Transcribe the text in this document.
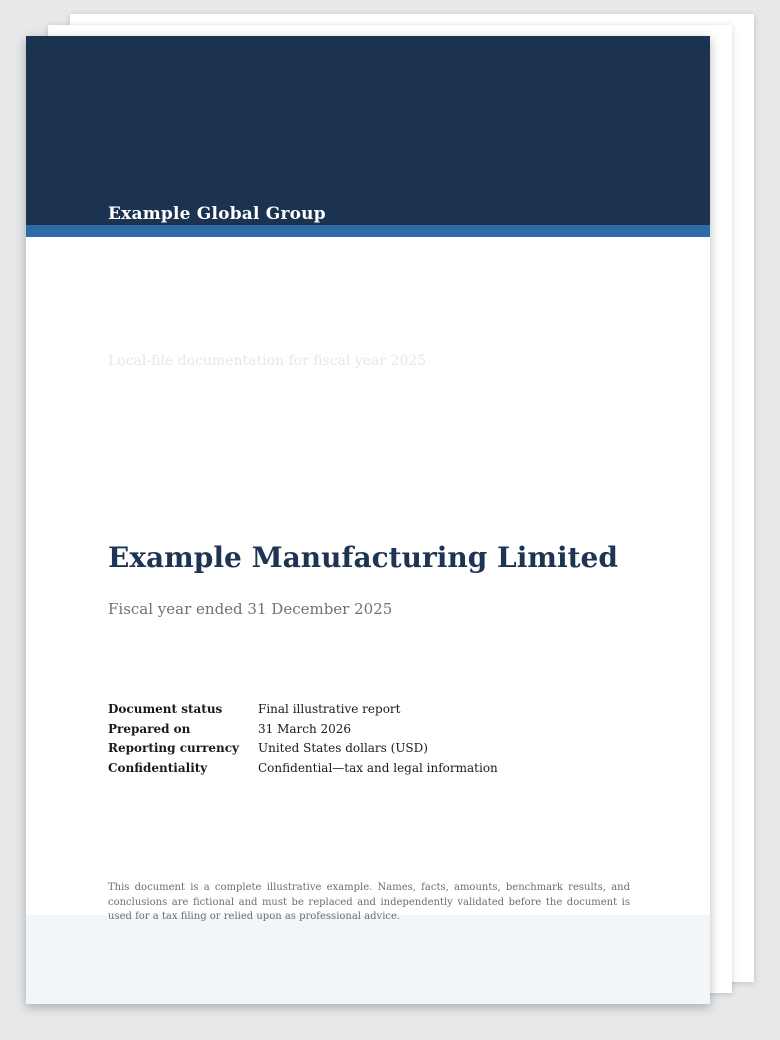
Example Global Group
Local-file documentation for fiscal year 2025
Example Manufacturing Limited
Fiscal year ended 31 December 2025
Document status	Final illustrative report
Prepared on	31 March 2026
Reporting currency	United States dollars (USD)
Confidentiality	Confidential—tax and legal information
This document is a complete illustrative example. Names, facts, amounts, benchmark results, and conclusions are fictional and must be replaced and independently validated before the document is used for a tax filing or relied upon as professional advice.
